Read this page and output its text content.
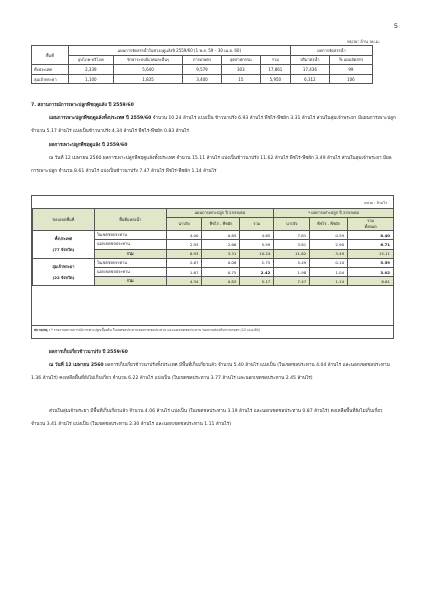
5
หน่วย: ล้าน ลบ.ม.
พื้นที่	แผนการจัดสรรน้ำในช่วงฤดูแล้งปี 2559/60 (1 พ.ย. 59 – 30 เม.ย. 60)					ผลการจัดสรรน้ำ	
	อุปโภค-บริโภค	รักษาระบบนิเวศและอื่นๆ	การเกษตร	อุตสาหกรรม	รวม	ปริมาตรน้ำ	% แผนจัดสรร
ทั้งประเทศ	2,339	5,640	9,579	303	17,861	17,436	99
ลุ่มเจ้าพระยา	1,100	1,835	3,400	15	5,950	6,312	106
7. สถานการณ์การเพาะปลูกพืชฤดูแล้ง ปี 2559/60
แผนการเพาะปลูกพืชฤดูแล้งทั้งประเทศ ปี 2559/60 จำนวน 10.24 ล้านไร่ แบ่งเป็น ข้าวนาปรัง 6.93 ล้านไร่ พืชไร่-พืชผัก 3.31 ล้านไร่ ส่วนในลุ่มเจ้าพระยา มีแผนการเพาะปลูก จำนวน 5.17 ล้านไร่ แบ่งเป็นข้าวนาปรัง 4.34 ล้านไร่ พืชไร่-พืชผัก 0.83 ล้านไร่
ผลการเพาะปลูกพืชฤดูแล้ง ปี 2559/60
ณ วันที่ 12 เมษายน 2560 ผลการเพาะปลูกพืชฤดูแล้งทั้งประเทศ จำนวน 15.11 ล้านไร่ แบ่งเป็นข้าวนาปรัง 11.62 ล้านไร่ พืชไร่-พืชผัก 3.49 ล้านไร่ ส่วนในลุ่มเจ้าพระยา มีผลการเพาะปลูก จำนวน 8.61 ล้านไร่ แบ่งเป็นข้าวนาปรัง 7.47 ล้านไร่ พืชไร่-พืชผัก 1.14 ล้านไร่
หน่วย : ล้านไร่
ขอบเขตพื้นที่	พื้นที่แหล่งน้ำ	แผนการเพาะปลูก ปี 2559/60			* ผลการเพาะปลูก ปี 2559/60		
		นาปรัง	พืชไร่ - พืชผัก	รวม	นาปรัง	พืชไร่ - พืชผัก	รวม
ทั้งหมด
ทั้งประเทศ

(77 จังหวัด)	ในเขตชลประทาน	4.00	0.65	4.65	7.81	0.59	8.40
	นอกเขตชลประทาน	2.93	2.66	5.59	3.81	2.90	6.71
	รวม	6.93	3.31	10.24	11.62	3.49	15.11
ลุ่มเจ้าพระยา

(22 จังหวัด)	ในเขตชลประทาน	2.67	0.08	2.75	5.49	0.10	5.59
	นอกเขตชลประทาน	1.67	0.75	2.42	1.98	1.04	3.02
	รวม	4.34	0.83	5.17	7.47	1.14	8.61
หมายเหตุ : * รายงานสถานการณ์การเพาะปลูกเบื้องต้น ในเขตชลประทานของกรมชลประทาน และนอกเขตชลประทาน ของกรมส่งเสริมการเกษตร (12 เม.ย.60)
ผลการเก็บเกี่ยวข้าวนาปรัง ปี 2559/60
ณ วันที่ 12 เมษายน 2560 ผลการเก็บเกี่ยวข้าวนาปรังทั้งประเทศ มีพื้นที่เก็บเกี่ยวแล้ว จำนวน 5.40 ล้านไร่ แบ่งเป็น (ในเขตชลประทาน 4.04 ล้านไร่ และนอกเขตชลประทาน 1.36 ล้านไร่) คงเหลือพื้นที่ยังไม่เก็บเกี่ยว จำนวน 6.22 ล้านไร่ แบ่งเป็น (ในเขตชลประทาน 3.77 ล้านไร่ และนอกเขตชลประทาน 2.45 ล้านไร่)
ส่วนในลุ่มเจ้าพระยา มีพื้นที่เก็บเกี่ยวแล้ว จำนวน 4.06 ล้านไร่ แบ่งเป็น (ในเขตชลประทาน 3.19 ล้านไร่ และนอกเขตชลประทาน 0.87 ล้านไร่) คงเหลือพื้นที่ยังไม่เก็บเกี่ยว จำนวน 3.41 ล้านไร่ แบ่งเป็น (ในเขตชลประทาน 2.30 ล้านไร่ และนอกเขตชลประทาน 1.11 ล้านไร่)
